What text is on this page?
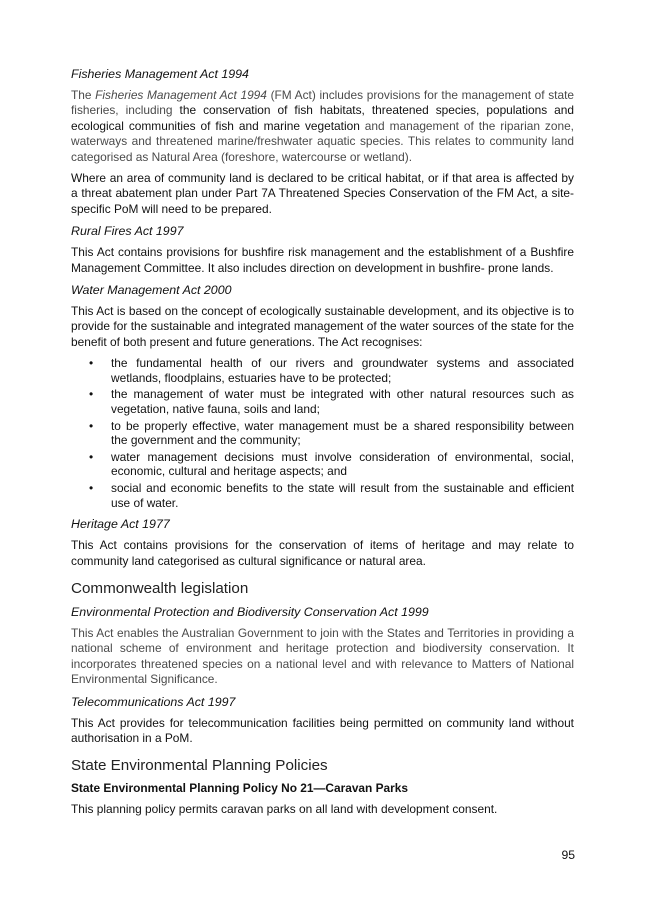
Fisheries Management Act 1994

The Fisheries Management Act 1994 (FM Act) includes provisions for the management of state fisheries, including the conservation of fish habitats, threatened species, populations and ecological communities of fish and marine vegetation and management of the riparian zone, waterways and threatened marine/freshwater aquatic species. This relates to community land categorised as Natural Area (foreshore, watercourse or wetland).

Where an area of community land is declared to be critical habitat, or if that area is affected by a threat abatement plan under Part 7A Threatened Species Conservation of the FM Act, a site-specific PoM will need to be prepared.

Rural Fires Act 1997

This Act contains provisions for bushfire risk management and the establishment of a Bushfire Management Committee. It also includes direction on development in bushfire- prone lands.

Water Management Act 2000

This Act is based on the concept of ecologically sustainable development, and its objective is to provide for the sustainable and integrated management of the water sources of the state for the benefit of both present and future generations. The Act recognises:

• the fundamental health of our rivers and groundwater systems and associated wetlands, floodplains, estuaries have to be protected;
• the management of water must be integrated with other natural resources such as vegetation, native fauna, soils and land;
• to be properly effective, water management must be a shared responsibility between the government and the community;
• water management decisions must involve consideration of environmental, social, economic, cultural and heritage aspects; and
• social and economic benefits to the state will result from the sustainable and efficient use of water.
Heritage Act 1977

This Act contains provisions for the conservation of items of heritage and may relate to community land categorised as cultural significance or natural area.

Commonwealth legislation
Environmental Protection and Biodiversity Conservation Act 1999

This Act enables the Australian Government to join with the States and Territories in providing a national scheme of environment and heritage protection and biodiversity conservation. It incorporates threatened species on a national level and with relevance to Matters of National Environmental Significance.

Telecommunications Act 1997

This Act provides for telecommunication facilities being permitted on community land without authorisation in a PoM.

State Environmental Planning Policies
State Environmental Planning Policy No 21—Caravan Parks

This planning policy permits caravan parks on all land with development consent.

95
